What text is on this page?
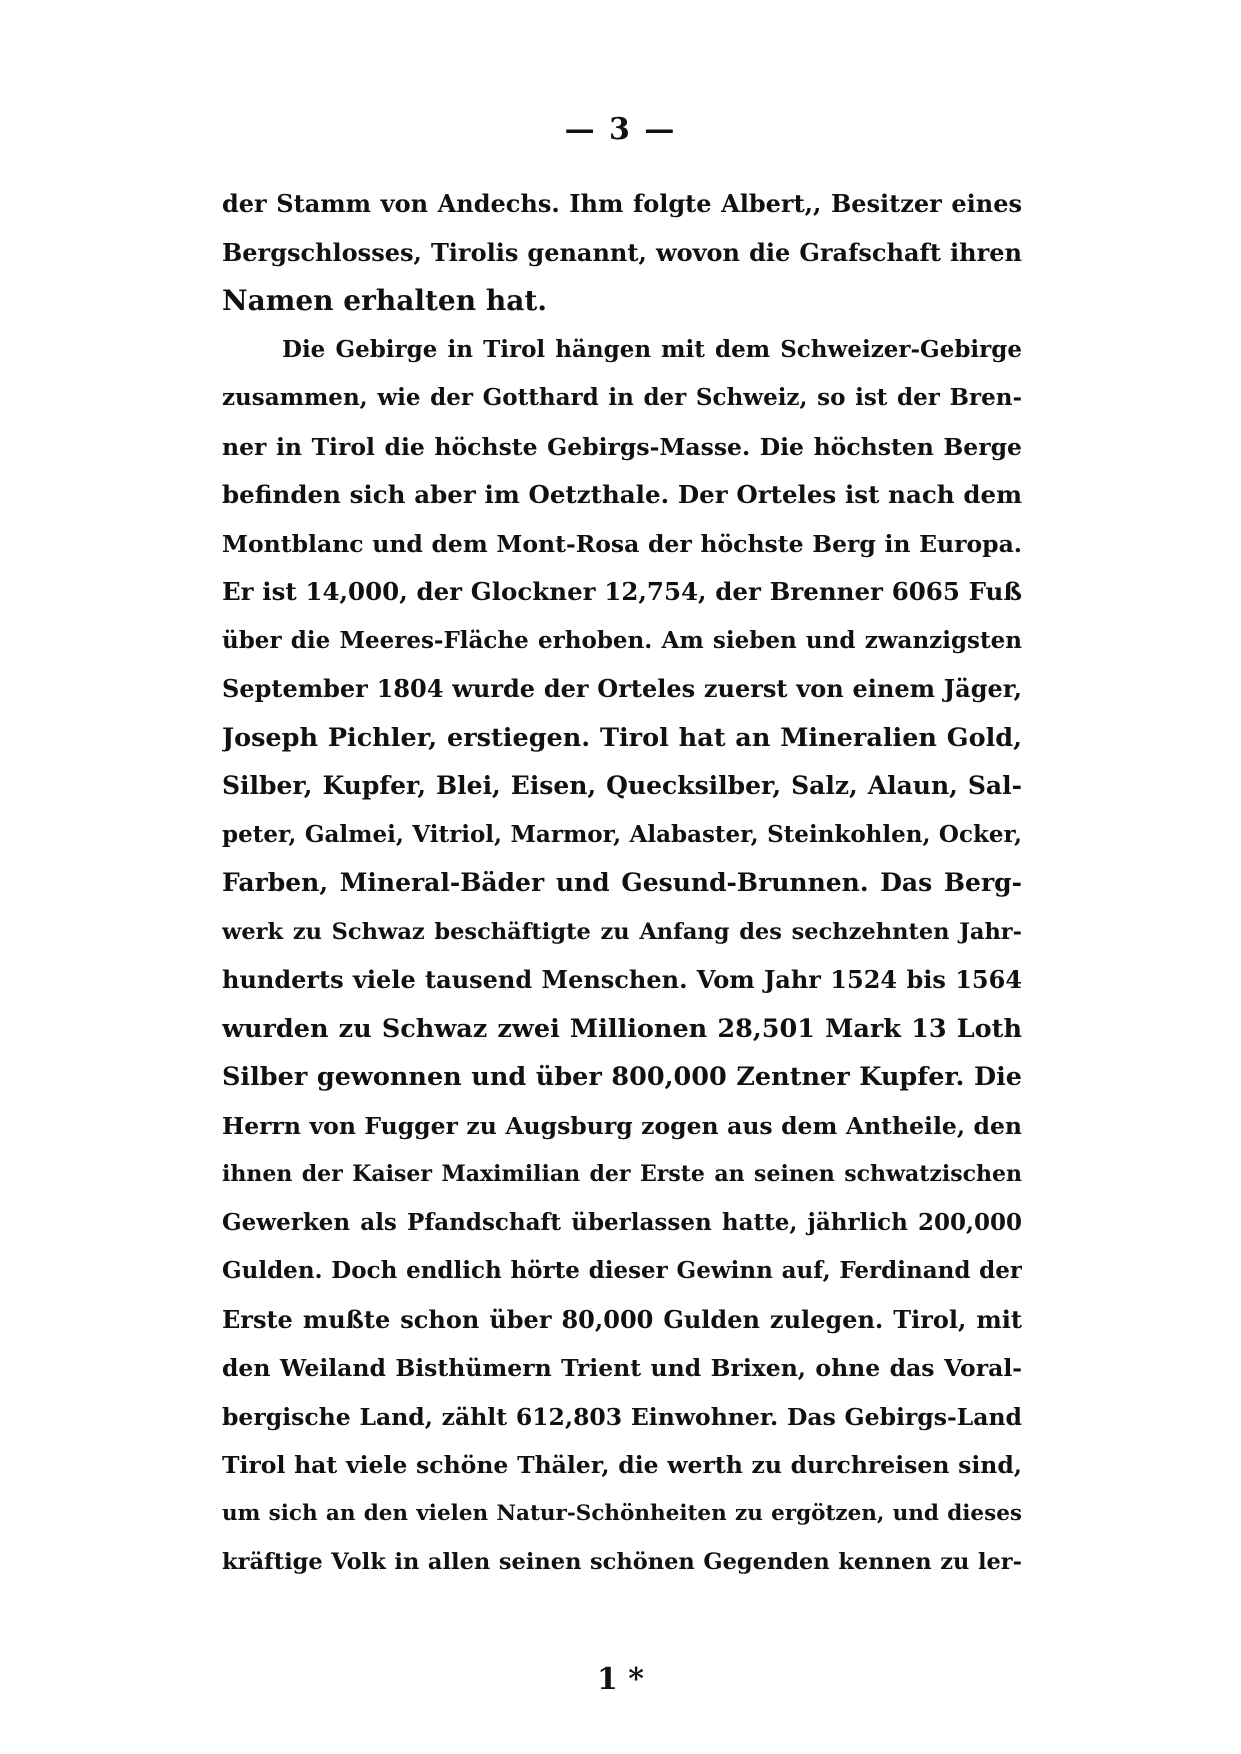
— 3 —
der Stamm von Andechs. Ihm folgte Albert,, Besitzer eines
Bergschlosses, Tirolis genannt, wovon die Grafschaft ihren
Namen erhalten hat.
Die Gebirge in Tirol hängen mit dem Schweizer-Gebirge
zusammen, wie der Gotthard in der Schweiz, so ist der Bren-
ner in Tirol die höchste Gebirgs-Masse. Die höchsten Berge
befinden sich aber im Oetzthale. Der Orteles ist nach dem
Montblanc und dem Mont-Rosa der höchste Berg in Europa.
Er ist 14,000, der Glockner 12,754, der Brenner 6065 Fuß
über die Meeres-Fläche erhoben. Am sieben und zwanzigsten
September 1804 wurde der Orteles zuerst von einem Jäger,
Joseph Pichler, erstiegen. Tirol hat an Mineralien Gold,
Silber, Kupfer, Blei, Eisen, Quecksilber, Salz, Alaun, Sal-
peter, Galmei, Vitriol, Marmor, Alabaster, Steinkohlen, Ocker,
Farben, Mineral-Bäder und Gesund-Brunnen. Das Berg-
werk zu Schwaz beschäftigte zu Anfang des sechzehnten Jahr-
hunderts viele tausend Menschen. Vom Jahr 1524 bis 1564
wurden zu Schwaz zwei Millionen 28,501 Mark 13 Loth
Silber gewonnen und über 800,000 Zentner Kupfer. Die
Herrn von Fugger zu Augsburg zogen aus dem Antheile, den
ihnen der Kaiser Maximilian der Erste an seinen schwatzischen
Gewerken als Pfandschaft überlassen hatte, jährlich 200,000
Gulden. Doch endlich hörte dieser Gewinn auf, Ferdinand der
Erste mußte schon über 80,000 Gulden zulegen. Tirol, mit
den Weiland Bisthümern Trient und Brixen, ohne das Voral-
bergische Land, zählt 612,803 Einwohner. Das Gebirgs-Land
Tirol hat viele schöne Thäler, die werth zu durchreisen sind,
um sich an den vielen Natur-Schönheiten zu ergötzen, und dieses
kräftige Volk in allen seinen schönen Gegenden kennen zu ler-
1 *
